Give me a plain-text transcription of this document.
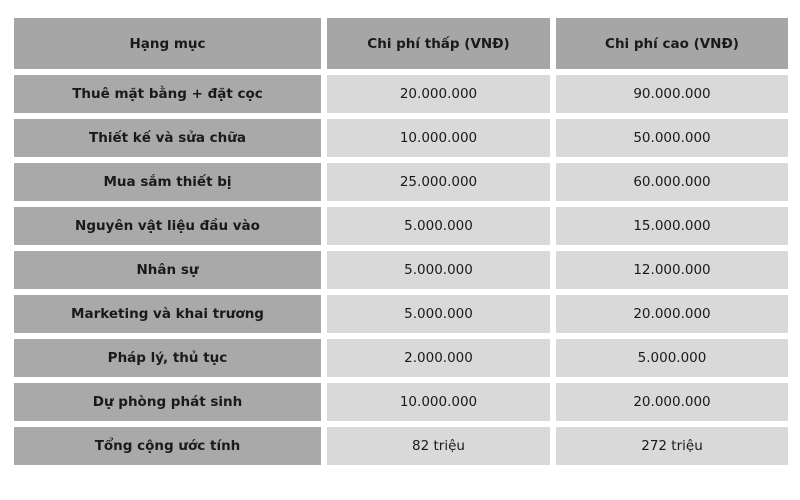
Hạng mục	Chi phí thấp (VNĐ)	Chi phí cao (VNĐ)
Thuê mặt bằng + đặt cọc	20.000.000	90.000.000
Thiết kế và sửa chữa	10.000.000	50.000.000
Mua sắm thiết bị	25.000.000	60.000.000
Nguyên vật liệu đầu vào	5.000.000	15.000.000
Nhân sự	5.000.000	12.000.000
Marketing và khai trương	5.000.000	20.000.000
Pháp lý, thủ tục	2.000.000	5.000.000
Dự phòng phát sinh	10.000.000	20.000.000
Tổng cộng ước tính	82 triệu	272 triệu
